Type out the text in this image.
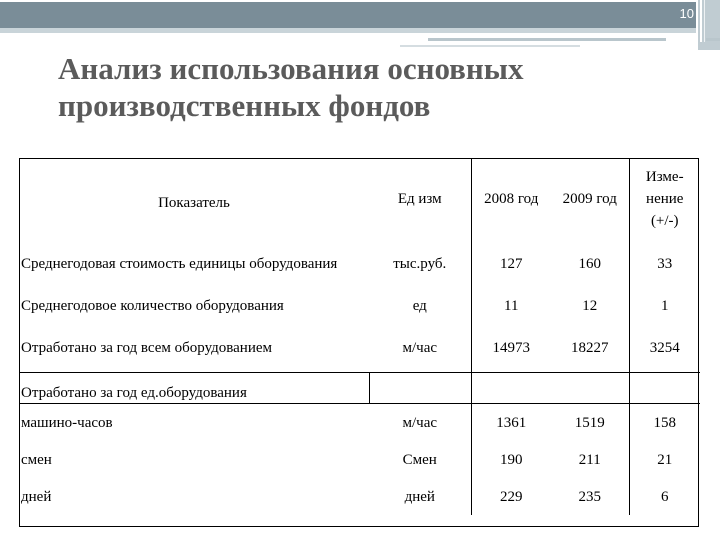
10
Анализ использования основных производственных фондов
Показатель	Ед изм	2008 год	2009 год	Изме-
нение
(+/-)
Среднегодовая стоимость единицы оборудования	тыс.руб.	127	160	33
Среднегодовое количество оборудования	ед	11	12	1
Отработано за год всем оборудованием	м/час	14973	18227	3254
Отработано за год ед.оборудования				
машино-часов	м/час	1361	1519	158
смен	Смен	190	211	21
дней	дней	229	235	6
